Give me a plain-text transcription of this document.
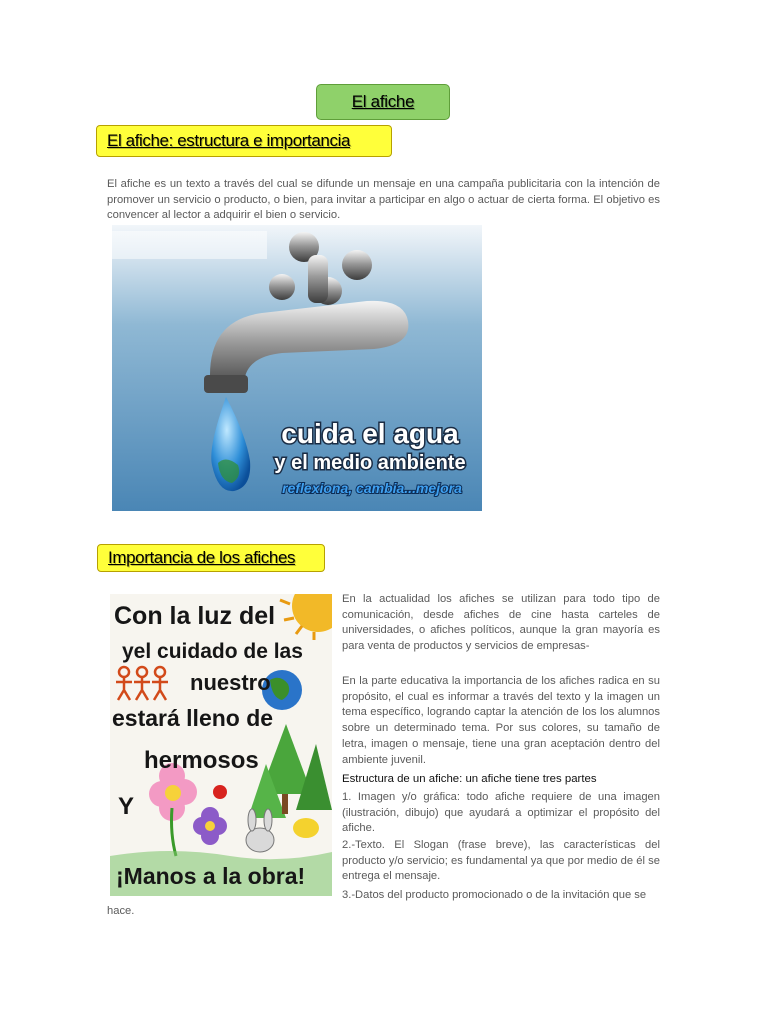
El afiche
El afiche: estructura e importancia
El afiche es un texto a través del cual se difunde un mensaje en una campaña publicitaria con la intención de promover un servicio o producto, o bien, para invitar a participar en algo o actuar de cierta forma. El objetivo es convencer al lector a adquirir el bien o servicio.
cuida el agua
y el medio ambiente
reflexiona, cambia...mejora
Importancia de los afiches
Con la luz del
yel cuidado de las
nuestro
estará lleno de
hermosos
Y
¡Manos a la obra!

En la actualidad los afiches se utilizan para todo tipo de comunicación, desde afiches de cine hasta carteles de universidades, o afiches políticos, aunque la gran mayoría es para venta de productos y servicios de empresas-

En la parte educativa la importancia de los afiches radica en su propósito, el cual es informar a través del texto y la imagen un tema específico, logrando captar la atención de los los alumnos sobre un determinado tema. Por sus colores, su tamaño de letra, imagen o mensaje, tiene una gran aceptación dentro del ambiente juvenil.

Estructura de un afiche: un afiche tiene tres partes

1. Imagen y/o gráfica: todo afiche requiere de una imagen (ilustración, dibujo) que ayudará a optimizar el propósito del afiche.

2.-Texto. El Slogan (frase breve), las características del producto y/o servicio; es fundamental ya que por medio de él se entrega el mensaje.

3.-Datos del producto promocionado o de la invitación que se

hace.
